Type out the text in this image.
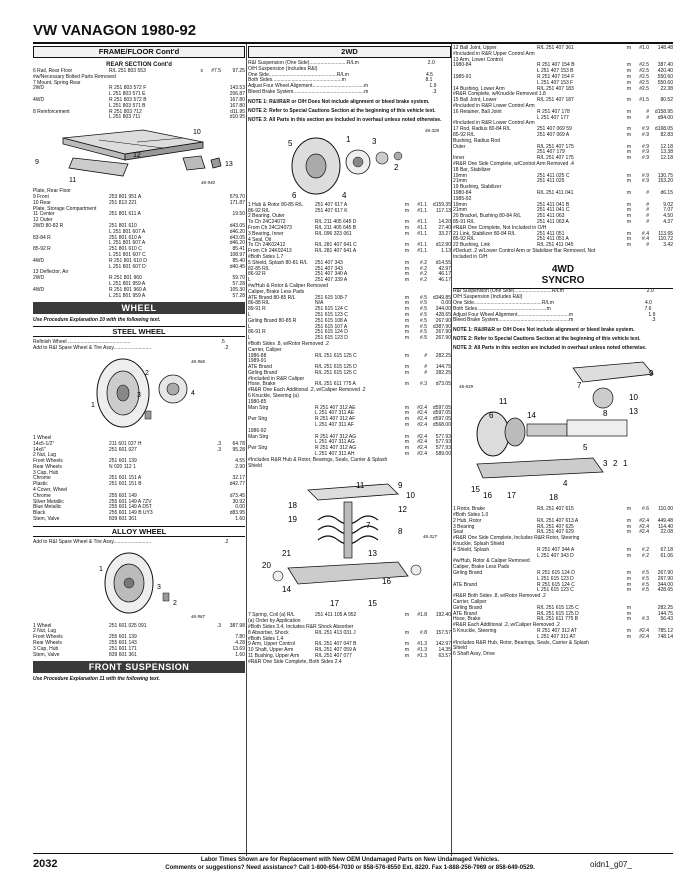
VW VANAGON 1980-92
FRAME/FLOOR Cont'd
REAR SECTION Cont'd
6 Rail, Rear Floor	R/L 251 803 553	s	#7.5	97.25
#w/Necessary Bolted Parts Removed
7 Mount, Spring Rear
2WD	R 251 803 572 F	143.53
L 251 803 571 E	206.87
4WD	R 251 803 572 B	167.80
L 251 803 571 B	167.80
8 Reinforcement	R 251 803 712	d11.95
L 251 803 711	d10.95
10
12
13
11
9
46-940
Plate, Rear Floor
9 Front	253 801 951 A	579.70
10 Rear	251 813 221	171.87
Plate, Storage Compartment
11 Center	251 801 611 A	19.50
12 Outer
2WD 80-82 R	251 801 610	d43.05
L 251 801 607 A	d46.20
83-84 R	251 801 610 A	d43.05
L 251 801 607 A	d46.20
85-92 R	251 801 610 C	85.41
L 251 801 607 C	108.97
4WD	R 251 801 610 D	85.40
L 251 801 607 D	d40.45
13 Deflector, Air
2WD	R 251 801 960	59.70
L 251 801 959 A	57.28
4WD	R 251 801 960 A	105.30
L 251 801 959 A	57.28
WHEEL
Use Procedure Explanation 10 with the following text.
STEEL WHEEL
Refinish Wheel .............................................	.5
Add to R&I Spare Wheel & Tire Assy...........................	.2
1
2
3	4
46-966
1 Wheel
14x5-1/2"	211 601 027 H	.3	64.78
14x6"	251 601 027	.3	95.28
2 Nut, Lug
Front Wheels	251 601 139	4.55
Rear Wheels	N 020 112 1	2.90
3 Cap, Hub
Chrome	251 601 151 A	32.17
Plastic	251 601 151 B	d42.77
4 Cover, Wheel
Chrome	255 601 149	d73.45
Silver Metallic	255 601 149 A 7ZV	30.92
Blue Metallic	255 601 149 A D5T	0.00
Black	255 601 149 B UY3	d83.95
Stem, Valve	839 601 361	1.60
ALLOY WHEEL
Add to R&I Spare Wheel & Tire Assy...........................	.2
1
3
2
46-987
1 Wheel	251 601 025 091	.3	387.98
2 Nut, Lug
Front Wheels	255 601 139	7.80
Rear Wheels	255 601 143	4.28
3 Cap, Hub	251 601 171	13.69
Stem, Valve	839 601 361	1.60
FRONT SUSPENSION
Use Procedure Explanation 11 with the following text.
2WD
R&I Suspension (One Side)...........................R/Lm	2.0
O/H Suspension (Includes R&I)
One Side.................................................R/Lm	4.5
Both Sides..................................................m	8.1
Adjust Four Wheel Alignment.....................................m	1.9
Bleed Brake System...................................................m	.3
NOTE 1: R&I/R&R or O/H Does Not include alignment or bleed brake system.
NOTE 2: Refer to Special Cautions Section at the beginning of this vehicle text.
NOTE 3: All Parts in this section are included in overhaul unless noted otherwise.
5	1	3
2
6	4
46-328
1 Hub & Rotor 80-85 R/L	251 407 617 A	m	#1.1	d159.35
86-92 R/L	251 407 617 K	m	#1.1	117.13
2 Bearing, Outer
To Ch 24C24072	R/L 211 405 645 D	m	#1.1	14.20
From Ch 24C24073	R/L 211 405 645 B	m	#1.1	27.40
3 Bearing, Inner	R/L 096 323 061	m	#1.1	33.27
4 Seal, Oil
To Ch 24K02412	R/L 281 407 641 C	m	#1.1	d12.90
From Ch 24K02413	R/L 281 407 641 A	m	#1.1	1.13
#Both Sides 1.7
5 Shield, Splash 80-81 R/L	251 407 343	m	#.2	d14.55
82-85 R/L	251 407 343	m	#.2	42.97
86-92 R	251 407 340 A	m	#.2	46.17
L	251 407 339 A	m	#.2	46.17
#w/Hub & Rotor & Caliper Removed
Caliper, Brake Less Pads
ATE Brand 80-85 R/L	251 615 108-7	m	#.5	d349.85
86-88 R/L	N/A	m	#.5	0.00
89-91 R	251 615 124 C	m	#.5	344.00
L	251 615 123 C	m	#.5	428.65
Girling Brand 80-85 R	251 615 108 A	m	#.5	267.90
L	251 615 107 A	m	#.5	d387.90
86-91 R	251 615 124 D	m	#.5	267.90
L	251 615 123 D	m	#.5	267.90
#Both Sides .8, w/Rotor Removed .2
Carrier, Caliper
1986-88	R/L 251 615 125 C	m	#	282.25
1989-91
ATE Brand	R/L 251 615 125 D	m	#	144.75
Girling Brand	R/L 251 615 125 C	m	#	282.25
#Included in R&R Caliper
Hose, Brake	R/L 251 611 775 A	m	#.3	d73.05
#R&R One Each Additional .2, w/Caliper Removed .2
6 Knuckle, Steering (a)
1980-85
Man Strg	R 251 407 312 AE	m	#2.4	d597.05
L 251 407 311 AE	m	#2.4	d597.05
Pwr Strg	R 251 407 312 AF	m	#2.4	d597.05
L 251 407 311 AF	m	#2.4	d568.00
1986-92
Man Strg	R 251 407 312 AG	m	#2.4	577.93
L 251 407 311 AG	m	#2.4	577.93
Pwr Strg	R 251 407 312 AG	m	#2.4	577.93
L 251 407 311 AH	m	#2.4	589.00
#Includes R&R Hub & Rotor, Bearings, Seals, Carrier & Splash
Shield
18
19
11	9
10
12
7
8
21	13
20
14
16
17	15
46-327
7 Spring, Coil (a) R/L	251 411 105 A 952	m	#1.8	192.40
(a) Order by Application
#Both Sides 3.4, Includes R&R Shock Absorber
8 Absorber, Shock	R/L 251 413 031 J	m	#.8	157.57
#Both Sides 1.4
9 Arm, Upper Control	R/L 251 407 047 B	m	#1.3	142.97
10 Shaft, Upper Arm	R/L 251 407 059 A	m	#1.3	14.35
11 Bushing, Upper Arm	R/L 251 407 077	m	#1.3	63.57
#R&R One Side Complete, Both Sides 2.4
12 Ball Joint, Upper	R/L 251 407 361	m	#1.0	148.48
#Included in R&R Upper Control Arm
13 Arm, Lower Control
1980-84	R 251 407 154 B	m	#2.5	387.40
L 251 407 153 B	m	#2.5	420.40
1985-91	R 251 407 154 F	m	#2.5	550.60
L 251 407 153 F	m	#2.5	550.60
14 Bushing, Lower Arm	R/L 251 407 183	m	#2.5	22.38
#R&R Complete, w/Knuckle Removed 1.8
15 Ball Joint, Lower	R/L 251 407 187	m	#1.5	80.52
#Included in R&R Lower Control Arm
16 Retainer, Ball Joint	R 251 407 178	m	#	d158.95
L 251 407 177	m	#	d94.00
#Included in R&R Lower Control Arm
17 Rod, Radius 80-84 R/L	251 407 069 59	m	#.9	d198.05
85-92 R/L	251 407 069 A	m	#.9	82.83
Bushing, Radius Rod
Outer	R/L 251 407 175	m	#.9	12.18
251 407 179	m	#.9	13.38
Inner	R/L 251 407 175	m	#.9	12.18
#R&R One Side Complete, w/Control Arm Removed .4
18 Bar, Stabilizer
19mm	251 411 025 C	m	#.9	130.75
21mm	251 411 025	m	#.9	153.20
19 Bushing, Stabilizer
1980-84	R/L 251 411 041	m	#	d6.15
1985-92
19mm	251 411 041 B	m	#	9.02
21mm	251 411 041 C	m	#	7.07
20 Bracket, Bushing 80-84 R/L	251 411 063	m	#	4.50
85-91 R/L	251 411 063 A	m	#	4.37
#R&R One Complete, Not Included in O/H
21 Link, Stabilizer 80-84 R/L	251 411 051	m	#.4	113.65
85-92 R/L	251 411 051 A	m	#.4	110.72
22 Bushing, Link	R/L 251 411 045	m	#	3.42
#Deduct .2 w/Lower Control Arm or Stabilizer Bar Removed, Not
Included in O/H
4WD
SYNCRO
R&I Suspension (One Side)...........................R/Lm	2.0
O/H Suspension (Includes R&I)
One Side.................................................R/Lm	4.0
Both Sides..................................................m	7.6
Adjust Four Wheel Alignment.....................................m	1.9
Bleed Brake System...................................................m	.3
NOTE 1: R&I/R&R or O/H Does Not include alignment or bleed brake system.
NOTE 2: Refer to Special Cautions Section at the beginning of this vehicle text.
NOTE 3: All Parts in this section are included in overhaul unless noted otherwise.
9
7
10
8	13
11
14
5
6
3 2 1
15
16 17	18
4
46-839
1 Rotor, Brake	R/L 251 407 615	m	#.6	110.00
#Both Sides 1.0
2 Hub, Rotor	R/L 251 407 613 A	m	#2.4	449.48
3 Bearing	R/L 251 407 625	m	#2.4	114.40
Seal	R/L 251 407 629	m	#2.4	22.08
#R&R One Side Complete, Includes R&R Rotor, Steering
Knuckle, Splash Shield
4 Shield, Splash	R 251 407 344 A	m	#.2	67.18
L 251 407 343 D	m	#.2	61.06
#w/Hub, Rotor & Caliper Removed
Caliper, Brake Less Pads
Girling Brand	R 251 615 124 D	m	#.5	267.90
L 251 615 123 D	m	#.5	267.90
ATE Brand	R 251 615 124 C	m	#.5	344.00
L 251 615 123 C	m	#.5	428.65
#R&R Both Sides .8, w/Rotor Removed .2
Carrier, Caliper
Girling Brand	R/L 251 615 125 C	m	282.25
ATE Brand	R/L 251 615 125 D	m	144.75
Hose, Brake	R/L 251 611 775 B	m	#.3	56.43
#R&R Each Additional .2, w/Caliper Removed .2
5 Knuckle, Steering	R 251 407 312 AT	m	#2.4	785.12
L 251 407 311 AT	m	#2.4	748.14
#Includes R&R Hub, Rotor, Bearings, Seals, Carrier & Splash
Shield
6 Shaft Assy, Drive
2032	Labor Times Shown are for Replacement with New OEM Undamaged Parts on New Undamaged Vehicles.
Comments or suggestions? Need assistance? Call 1-800-654-7030 or 858-576-8550 Ext. 8220. Fax 1-888-256-7969 or 858-649-0529.	oidn1_g07_
